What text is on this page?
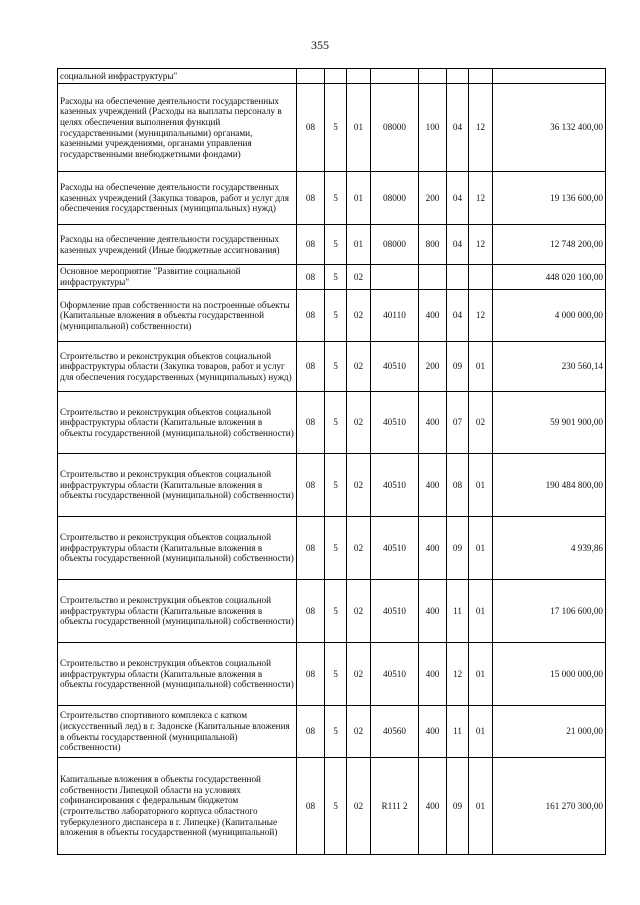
355
социальной инфраструктуры"								
Расходы на обеспечение деятельности государственных казенных учреждений (Расходы на выплаты персоналу в целях обеспечения выполнения функций государственными (муниципальными) органами, казенными учреждениями, органами управления государственными внебюджетными фондами)	08	5	01	08000	100	04	12	36 132 400,00
Расходы на обеспечение деятельности государственных казенных учреждений (Закупка товаров, работ и услуг для обеспечения государственных (муниципальных) нужд)	08	5	01	08000	200	04	12	19 136 600,00
Расходы на обеспечение деятельности государственных казенных учреждений (Иные бюджетные ассигнования)	08	5	01	08000	800	04	12	12 748 200,00
Основное мероприятие "Развитие социальной инфраструктуры"	08	5	02					448 020 100,00
Оформление прав собственности на построенные объекты (Капитальные вложения в объекты государственной (муниципальной) собственности)	08	5	02	40110	400	04	12	4 000 000,00
Строительство и реконструкция объектов социальной инфраструктуры области (Закупка товаров, работ и услуг для обеспечения государственных (муниципальных) нужд)	08	5	02	40510	200	09	01	230 560,14
Строительство и реконструкция объектов социальной инфраструктуры области (Капитальные вложения в объекты государственной (муниципальной) собственности)	08	5	02	40510	400	07	02	59 901 900,00
Строительство и реконструкция объектов социальной инфраструктуры области (Капитальные вложения в объекты государственной (муниципальной) собственности)	08	5	02	40510	400	08	01	190 484 800,00
Строительство и реконструкция объектов социальной инфраструктуры области (Капитальные вложения в объекты государственной (муниципальной) собственности)	08	5	02	40510	400	09	01	4 939,86
Строительство и реконструкция объектов социальной инфраструктуры области (Капитальные вложения в объекты государственной (муниципальной) собственности)	08	5	02	40510	400	11	01	17 106 600,00
Строительство и реконструкция объектов социальной инфраструктуры области (Капитальные вложения в объекты государственной (муниципальной) собственности)	08	5	02	40510	400	12	01	15 000 000,00
Строительство спортивного комплекса с катком (искусственный лед) в г. Задонске (Капитальные вложения в объекты государственной (муниципальной) собственности)	08	5	02	40560	400	11	01	21 000,00
Капитальные вложения в объекты государственной собственности Липецкой области на условиях софинансирования с федеральным бюджетом (строительство лабораторного корпуса областного туберкулезного диспансера в г. Липецке) (Капитальные вложения в объекты государственной (муниципальной)	08	5	02	R111 2	400	09	01	161 270 300,00
